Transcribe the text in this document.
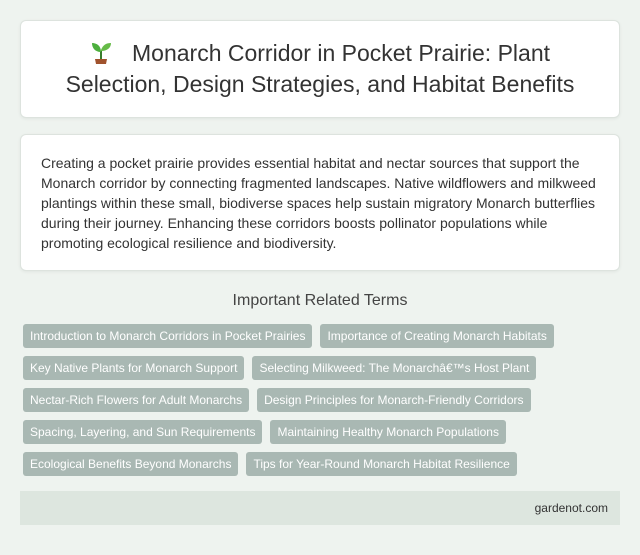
Monarch Corridor in Pocket Prairie: Plant Selection, Design Strategies, and Habitat Benefits

Creating a pocket prairie provides essential habitat and nectar sources that support the Monarch corridor by connecting fragmented landscapes. Native wildflowers and milkweed plantings within these small, biodiverse spaces help sustain migratory Monarch butterflies during their journey. Enhancing these corridors boosts pollinator populations while promoting ecological resilience and biodiversity.

Important Related Terms
Introduction to Monarch Corridors in Pocket Prairies	Importance of Creating Monarch Habitats
Key Native Plants for Monarch Support	Selecting Milkweed: The Monarchâ€™s Host Plant
Nectar-Rich Flowers for Adult Monarchs	Design Principles for Monarch-Friendly Corridors
Spacing, Layering, and Sun Requirements	Maintaining Healthy Monarch Populations
Ecological Benefits Beyond Monarchs	Tips for Year-Round Monarch Habitat Resilience
gardenot.com
